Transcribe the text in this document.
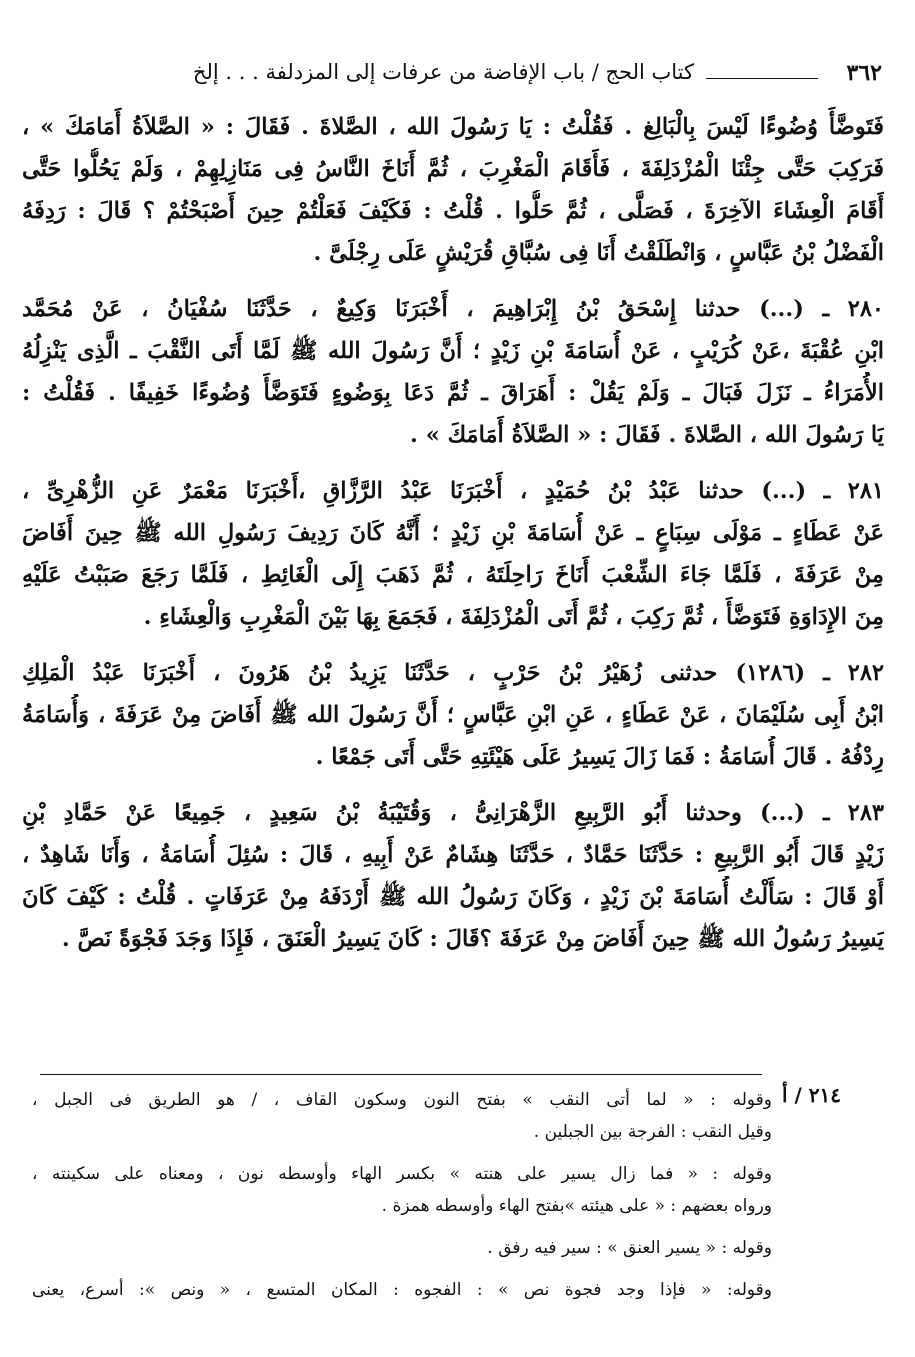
٣٦٢
كتاب الحج / باب الإفاضة من عرفات إلى المزدلفة . . . إلخ
فَتَوضَّأَ وُضُوءًا لَيْسَ بِالْبَالِغ . فَقُلْتُ : يَا رَسُولَ الله ، الصَّلاةَ . فَقَالَ : « الصَّلاَةُ أَمَامَكَ » ،
فَرَكِبَ حَتَّى جِئْنَا الْمُزْدَلِفَةَ ، فَأَقَامَ الْمَغْرِبَ ، ثُمَّ أَنَاخَ النَّاسُ فِى مَنَازِلِهِمْ ، وَلَمْ يَحُلُّوا حَتَّى
أَقَامَ الْعِشَاءَ الآخِرَةَ ، فَصَلَّى ، ثُمَّ حَلُّوا . قُلْتُ : فَكَيْفَ فَعَلْتُمْ حِينَ أَصْبَحْتُمْ ؟ قَالَ : رَدِفَهُ
الْفَضْلُ بْنُ عَبَّاسٍ ، وَانْطَلَقْتُ أَنَا فِى سُبَّاقِ قُرَيْشٍ عَلَى رِجْلَىَّ .
٢٨٠ ـ (...) حدثنا إِسْحَقُ بْنُ إِبْرَاهِيمَ ، أَخْبَرَنَا وَكِيعٌ ، حَدَّثَنَا سُفْيَانُ ، عَنْ مُحَمَّد
ابْنِ عُقْبَةَ ،عَنْ كُرَيْبٍ ، عَنْ أُسَامَةَ بْنِ زَيْدٍ ؛ أَنَّ رَسُولَ الله ﷺ لَمَّا أَتَى النَّقْبَ ـ الَّذِى يَنْزِلُهُ
الأُمَرَاءُ ـ نَزَلَ فَبَالَ ـ وَلَمْ يَقُلْ : أَهَرَاقَ ـ ثُمَّ دَعَا بِوَضُوءٍ فَتَوَضَّأَ وُضُوءًا خَفِيفًا . فَقُلْتُ :
يَا رَسُولَ الله ، الصَّلاةَ . فَقَالَ : « الصَّلاَةُ أَمَامَكَ » .
٢٨١ ـ (...) حدثنا عَبْدُ بْنُ حُمَيْدٍ ، أَخْبَرَنَا عَبْدُ الرَّزَّاقِ ،أَخْبَرَنَا مَعْمَرٌ عَنِ الزُّهْرِىِّ ،
عَنْ عَطَاءٍ ـ مَوْلَى سِبَاعٍ ـ عَنْ أُسَامَةَ بْنِ زَيْدٍ ؛ أَنَّهُ كَانَ رَدِيفَ رَسُولِ الله ﷺ حِينَ أَفَاضَ
مِنْ عَرَفَةَ ، فَلَمَّا جَاءَ الشِّعْبَ أَنَاخَ رَاحِلَتَهُ ، ثُمَّ ذَهَبَ إِلَى الْغَائِطِ ، فَلَمَّا رَجَعَ صَبَبْتُ عَلَيْهِ
مِنَ الإِدَاوَةِ فَتَوَضَّأَ ، ثُمَّ رَكِبَ ، ثُمَّ أَتَى الْمُزْدَلِفَةَ ، فَجَمَعَ بِهَا بَيْنَ الْمَغْرِبِ وَالْعِشَاءِ .
٢٨٢ ـ (١٢٨٦) حدثنى زُهَيْرُ بْنُ حَرْبٍ ، حَدَّثَنَا يَزِيدُ بْنُ هَرُونَ ، أَخْبَرَنَا عَبْدُ الْمَلِكِ
ابْنُ أَبِى سُلَيْمَانَ ، عَنْ عَطَاءٍ ، عَنِ ابْنِ عَبَّاسٍ ؛ أَنَّ رَسُولَ الله ﷺ أَفَاضَ مِنْ عَرَفَةَ ، وَأُسَامَةُ
رِدْفُهُ . قَالَ أُسَامَةُ : فَمَا زَالَ يَسِيرُ عَلَى هَيْئَتِهِ حَتَّى أَتَى جَمْعًا .
٢٨٣ ـ (...) وحدثنا أَبُو الرَّبِيعِ الزَّهْرَانِىُّ ، وَقُتَيْبَةُ بْنُ سَعِيدٍ ، جَمِيعًا عَنْ حَمَّادِ بْنِ
زَيْدٍ قَالَ أَبُو الرَّبِيعِ : حَدَّثَنَا حَمَّادٌ ، حَدَّثَنَا هِشَامٌ عَنْ أَبِيهِ ، قَالَ : سُئِلَ أُسَامَةُ ، وَأَنَا شَاهِدٌ ،
أَوْ قَالَ : سَأَلْتُ أُسَامَةَ بْنَ زَيْدٍ ، وَكَانَ رَسُولُ الله ﷺ أَرْدَفَهُ مِنْ عَرَفَاتٍ . قُلْتُ : كَيْفَ كَانَ
يَسِيرُ رَسُولُ الله ﷺ حِينَ أَفَاضَ مِنْ عَرَفَةَ ؟قَالَ : كَانَ يَسِيرُ الْعَنَقَ ، فَإِذَا وَجَدَ فَجْوَةً نَصَّ .
٢١٤ / أ
وقوله : « لما أتى النقب » بفتح النون وسكون القاف ، / هو الطريق فى الجبل ،
وقيل النقب : الفرجة بين الجبلين .
وقوله : « فما زال يسير على هنته » بكسر الهاء وأوسطه نون ، ومعناه على سكينته ،
ورواه بعضهم : « على هيئته »بفتح الهاء وأوسطه همزة .
وقوله : « يسير العنق » : سير فيه رفق .
وقوله: « فإذا وجد فجوة نص » : الفجوه : المكان المتسع ، « ونص »: أسرع، يعنى
